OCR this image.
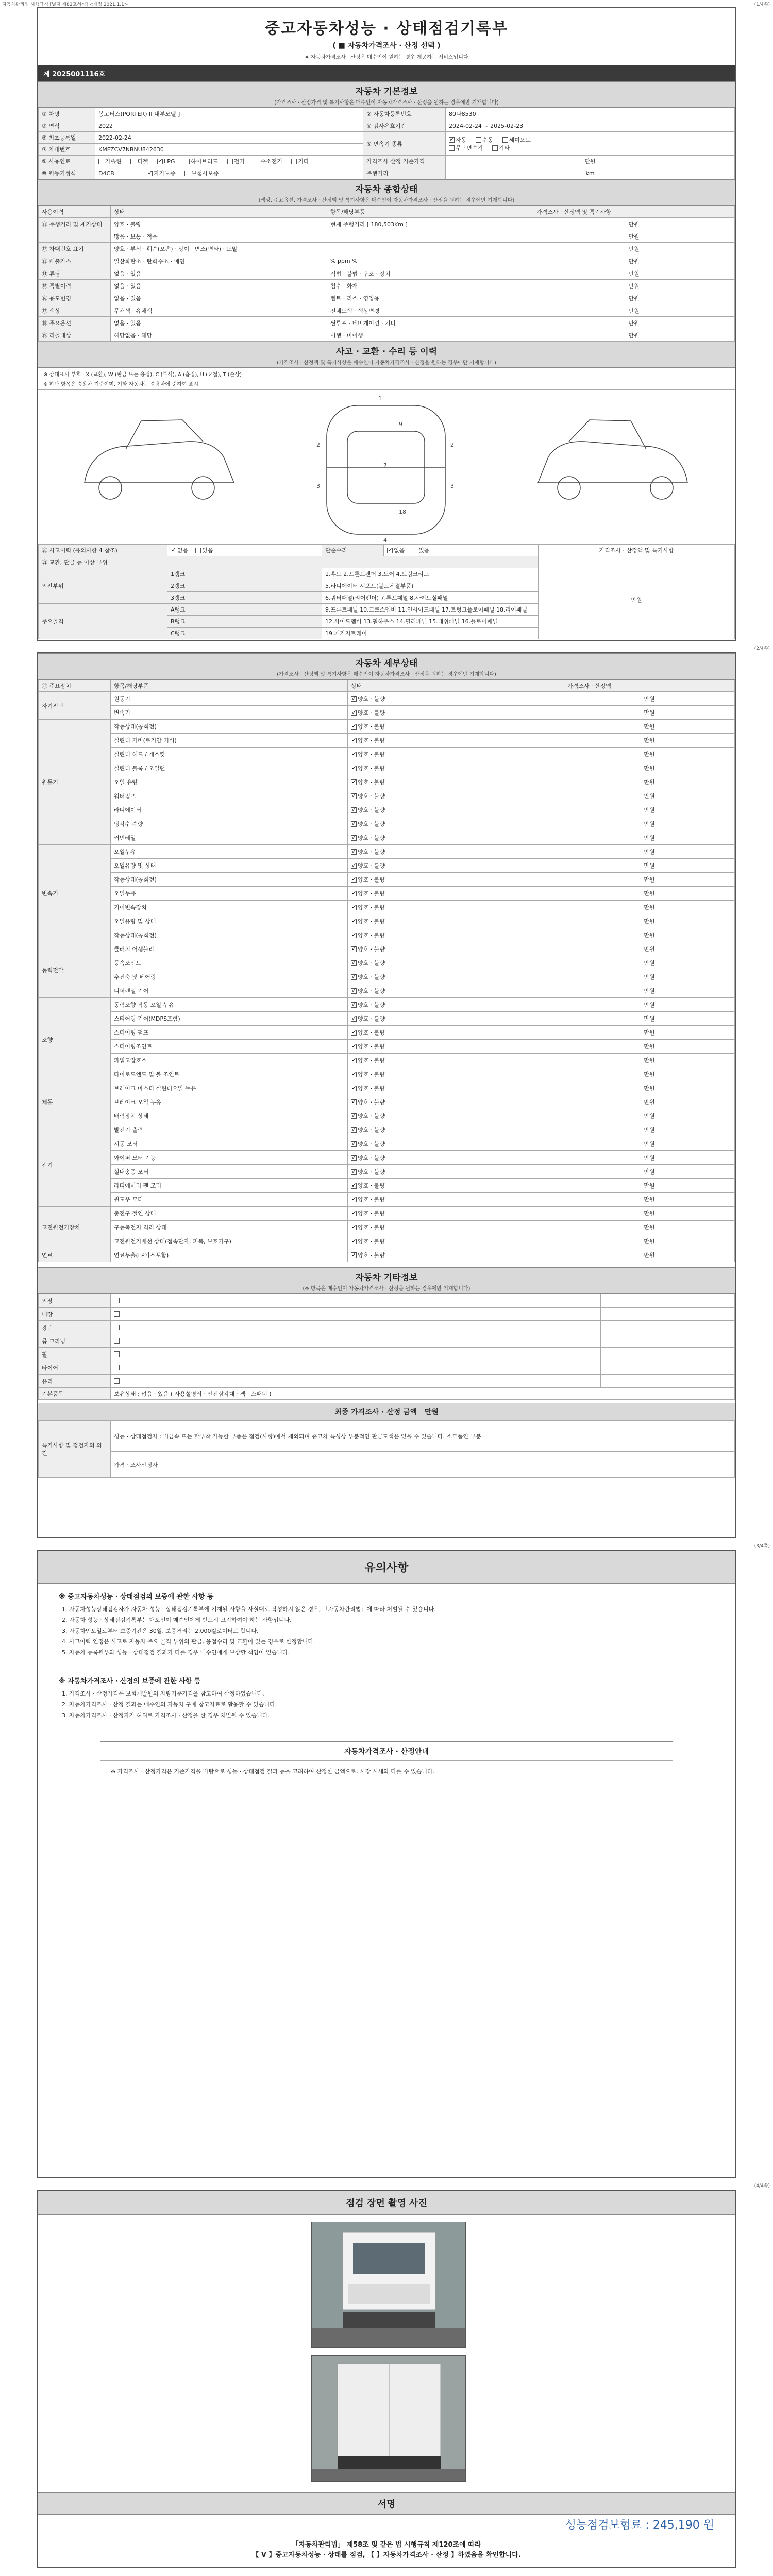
자동차관리법 시행규칙 [별지 제82호서식] <개정 2021.1.1>	(1/4쪽)
중고자동차성능 · 상태점검기록부
( ■ 자동차가격조사 · 산정 선택 )
※ 자동차가격조사 · 산정은 매수인이 원하는 경우 제공하는 서비스입니다
제 2025001116호
자동차 기본정보
(가격조사 · 산정가격 및 특기사항은 매수인이 자동차가격조사 · 산정을 원하는 경우에만 기재합니다)
① 차명	봉고터스(PORTER) II 내부모델 ]	② 자동차등록번호	80다8530
③ 연식	2022	④ 검사유효기간	2024-02-24 ~ 2025-02-23
⑤ 최초등록일	2022-02-24	⑥ 변속기 종류	✓자동 수동 세미오토
무단변속기 기타
⑦ 차대번호	KMFZCV7NBNU842630		
⑨ 사용연료	가솔린 디젤 ✓ LPG 하이브리드 전기 수소전기 기타	가격조사 산정 기준가격	만원
⑩ 원동기형식	D4CB ✓ 자가보증 보험사보증	주행거리	km
자동차 종합상태
(색상, 주요옵션, 가격조사 · 산정액 및 특기사항은 매수인이 자동차가격조사 · 산정을 원하는 경우에만 기재합니다)
사용이력	상태	항목/해당부품	가격조사 · 산정액 및 특기사항
⑪ 주행거리 및 계기상태	양호 · 불량	현재 주행거리 [ 180,503Km ]	만원
	많음 · 보통 · 적음		만원
⑫ 차대번호 표기	양호 · 부식 · 훼손(오손) · 상이 · 변조(변타) · 도말		만원
⑬ 배출가스	일산화탄소 · 탄화수소 · 매연	% ppm %	만원
⑭ 튜닝	없음 · 있음	적법 · 불법 · 구조 · 장치	만원
⑮ 특별이력	없음 · 있음	침수 · 화재	만원
⑯ 용도변경	없음 · 있음	렌트 · 리스 · 영업용	만원
⑰ 색상	무채색 · 유채색	전체도색 · 색상변경	만원
⑱ 주요옵션	없음 · 있음	썬루프 · 네비게이션 · 기타	만원
⑲ 리콜대상	해당없음 · 해당	이행 · 미이행	만원
사고 · 교환 · 수리 등 이력
(가격조사 · 산정액 및 특기사항은 매수인이 자동차가격조사 · 산정을 원하는 경우에만 기재합니다)
※ 상태표시 부호 : X (교환), W (판금 또는 용접), C (부식), A (흠집), U (요철), T (손상)
※ 하단 항목은 승용차 기준이며, 기타 자동차는 승용차에 준하여 표시
1
2	2
3	3
4
7
9
18
⑳ 사고이력 (유의사항 4 참조)	✓없음 있음	단순수리	✓없음 있음	가격조사 · 산정액 및 특기사항
만원

㉑ 교환, 판금 등 이상 부위				
외판부위	1랭크	1.후드 2.프론트펜더 3.도어 4.트렁크리드		
	2랭크	5.라디에이터 서포트(볼트체결부품)		
	3랭크	6.쿼터패널(리어펜더) 7.루프패널 8.사이드실패널		
주요골격	A랭크	9.프론트패널 10.크로스멤버 11.인사이드패널 17.트렁크플로어패널 18.리어패널		
	B랭크	12.사이드멤버 13.휠하우스 14.필러패널 15.대쉬패널 16.플로어패널		
	C랭크	19.패키지트레이		
(2/4쪽)
자동차 세부상태
(가격조사 · 산정액 및 특기사항은 매수인이 자동차가격조사 · 산정을 원하는 경우에만 기재합니다)
㉒ 주요장치	항목/해당부품	상태	가격조사 · 산정액
자기진단	원동기	✓양호 · 불량	만원
	변속기	✓양호 · 불량	만원
원동기	작동상태(공회전)	✓양호 · 불량	만원
	실린더 커버(로커암 커버)	✓양호 · 불량	만원
	실린더 헤드 / 개스킷	✓양호 · 불량	만원
	실린더 블록 / 오일팬	✓양호 · 불량	만원
	오일 유량	✓양호 · 불량	만원
	워터펌프	✓양호 · 불량	만원
	라디에이터	✓양호 · 불량	만원
	냉각수 수량	✓양호 · 불량	만원
	커먼레일	✓양호 · 불량	만원
변속기	오일누유	✓양호 · 불량	만원
	오일유량 및 상태	✓양호 · 불량	만원
	작동상태(공회전)	✓양호 · 불량	만원
	오일누유	✓양호 · 불량	만원
	기어변속장치	✓양호 · 불량	만원
	오일유량 및 상태	✓양호 · 불량	만원
	작동상태(공회전)	✓양호 · 불량	만원
동력전달	클러치 어셈블리	✓양호 · 불량	만원
	등속조인트	✓양호 · 불량	만원
	추진축 및 베어링	✓양호 · 불량	만원
	디퍼렌셜 기어	✓양호 · 불량	만원
조향	동력조향 작동 오일 누유	✓양호 · 불량	만원
	스티어링 기어(MDPS포함)	✓양호 · 불량	만원
	스티어링 펌프	✓양호 · 불량	만원
	스티어링조인트	✓양호 · 불량	만원
	파워고압호스	✓양호 · 불량	만원
	타이로드엔드 및 볼 조인트	✓양호 · 불량	만원
제동	브레이크 마스터 실린더오일 누유	✓양호 · 불량	만원
	브레이크 오일 누유	✓양호 · 불량	만원
	배력장치 상태	✓양호 · 불량	만원
전기	발전기 출력	✓양호 · 불량	만원
	시동 모터	✓양호 · 불량	만원
	와이퍼 모터 기능	✓양호 · 불량	만원
	실내송풍 모터	✓양호 · 불량	만원
	라디에이터 팬 모터	✓양호 · 불량	만원
	윈도우 모터	✓양호 · 불량	만원
고전원전기장치	충전구 절연 상태	✓양호 · 불량	만원
	구동축전지 격리 상태	✓양호 · 불량	만원
	고전원전기배선 상태(접속단자, 피복, 보호기구)	✓양호 · 불량	만원
연료	연료누출(LP가스포함)	✓양호 · 불량	만원
자동차 기타정보
(※ 항목은 매수인이 자동차가격조사 · 산정을 원하는 경우에만 기재합니다)
외장		
내장		
광택		
룸 크리닝		
휠		
타이어		
유리		
기본품목	보유상태 : 없음 · 있음 ( 사용설명서 · 안전삼각대 · 잭 · 스패너 )	
최종 가격조사 · 산정 금액 만원
특기사항 및 점검자의 의견	성능 · 상태점검자 : 비금속 또는 탈부착 가능한 부품은 점검(사항)에서 제외되며 중고차 특성상 부분적인 판금도색은 있을 수 있습니다. 소모품인 부분
가격 · 조사산정자
(3/4쪽)
유의사항
※ 중고자동차성능 · 상태점검의 보증에 관한 사항 등
1. 자동차성능상태점검자가 자동차 성능 · 상태점검기록부에 기재된 사항을 사실대로 작성하지 않은 경우, 「자동차관리법」에 따라 처벌될 수 있습니다.
2. 자동차 성능 · 상태점검기록부는 매도인이 매수인에게 반드시 고지하여야 하는 사항입니다.
3. 자동차인도일로부터 보증기간은 30일, 보증거리는 2,000킬로미터로 합니다.
4. 사고이력 인정은 사고로 자동차 주요 골격 부위의 판금, 용접수리 및 교환이 있는 경우로 한정합니다.
5. 자동차 등록원부와 성능 · 상태점검 결과가 다를 경우 매수인에게 보상할 책임이 있습니다.
※ 자동차가격조사 · 산정의 보증에 관한 사항 등
1. 가격조사 · 산정가격은 보험개발원의 차량기준가격을 참고하여 산정하였습니다.
2. 자동차가격조사 · 산정 결과는 매수인의 자동차 구매 참고자료로 활용할 수 있습니다.
3. 자동차가격조사 · 산정자가 허위로 가격조사 · 산정을 한 경우 처벌될 수 있습니다.
자동차가격조사 · 산정안내
※ 가격조사 · 산정가격은 기준가격을 바탕으로 성능 · 상태점검 결과 등을 고려하여 산정한 금액으로, 시장 시세와 다를 수 있습니다.
(4/4쪽)
점검 장면 촬영 사진
서명
성능점검보험료 : 245,190 원
「자동차관리법」 제58조 및 같은 법 시행규칙 제120조에 따라
【 V 】중고자동차성능 · 상태를 점검, 【 】자동차가격조사 · 산정 】하였음을 확인합니다.
